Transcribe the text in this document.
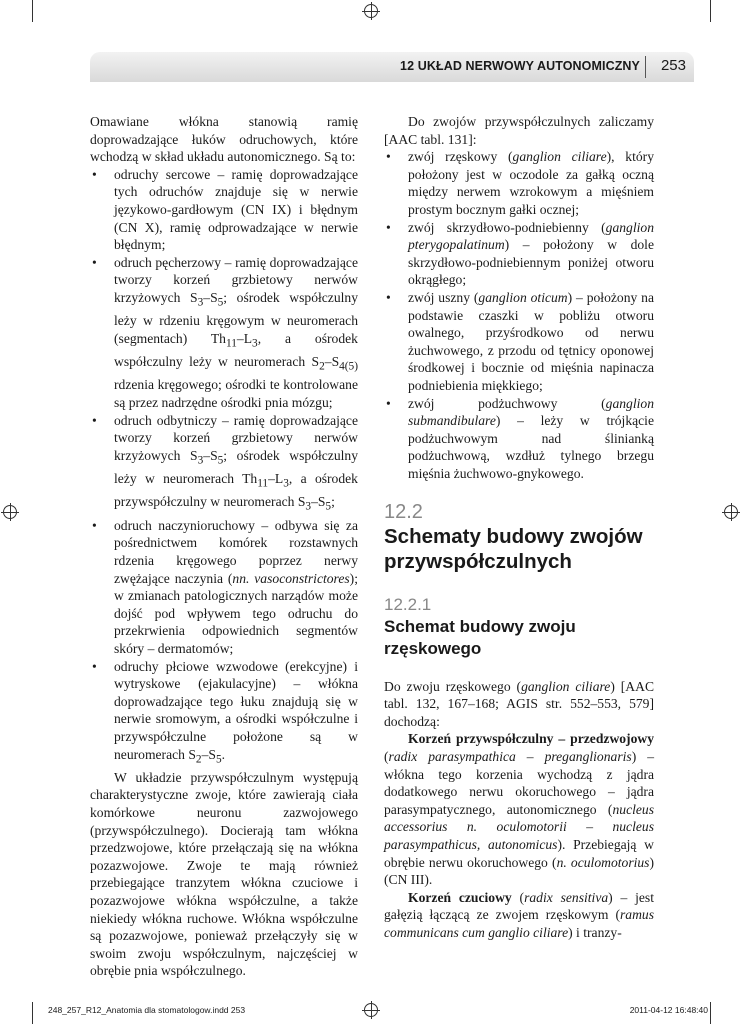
12 UKŁAD NERWOWY AUTONOMICZNY 253

Omawiane włókna stanowią ramię doprowadzające łuków odruchowych, które wchodzą w skład układu autonomicznego. Są to:

• odruchy sercowe – ramię doprowadzające tych odruchów znajduje się w nerwie językowo-gardłowym (CN IX) i błędnym (CN X), ramię odprowadzające w nerwie błędnym;
• odruch pęcherzowy – ramię doprowadzające tworzy korzeń grzbietowy nerwów krzyżowych $S_3-S_5$; ośrodek współczulny leży w rdzeniu kręgowym w neuromerach (segmentach) $Th_{11}-L_3$, a ośrodek współczulny leży w neuromerach $S_2-S_{4(5)}$ rdzenia kręgowego; ośrodki te kontrolowane są przez nadrzędne ośrodki pnia mózgu;
• odruch odbytniczy – ramię doprowadzające tworzy korzeń grzbietowy nerwów krzyżowych $S_3-S_5$; ośrodek współczulny leży w neuromerach $Th_{11}-L_3$, a ośrodek przywspółczulny w neuromerach $S_3-S_5$;
• odruch naczynioruchowy – odbywa się za pośrednictwem komórek rozstawnych rdzenia kręgowego poprzez nerwy zwężające naczynia (nn. vasoconstrictores); w zmianach patologicznych narządów może dojść pod wpływem tego odruchu do przekrwienia odpowiednich segmentów skóry – dermatomów;
• odruchy płciowe wzwodowe (erekcyjne) i wytryskowe (ejakulacyjne) – włókna doprowadzające tego łuku znajdują się w nerwie sromowym, a ośrodki współczulne i przywspółczulne położone są w neuromerach $S_2-S_5$.

W układzie przywspółczulnym występują charakterystyczne zwoje, które zawierają ciała komórkowe neuronu zazwojowego (przywspółczulnego). Docierają tam włókna przedzwojowe, które przełączają się na włókna pozazwojowe. Zwoje te mają również przebiegające tranzytem włókna czuciowe i pozazwojowe włókna współczulne, a także niekiedy włókna ruchowe. Włókna współczulne są pozazwojowe, ponieważ przełączyły się w swoim zwoju współczulnym, najczęściej w obrębie pnia współczulnego.

Do zwojów przywspółczulnych zaliczamy [AAC tabl. 131]:

• zwój rzęskowy (ganglion ciliare), który położony jest w oczodole za gałką oczną między nerwem wzrokowym a mięśniem prostym bocznym gałki ocznej;
• zwój skrzydłowo-podniebienny (ganglion pterygopalatinum) – położony w dole skrzydłowo-podniebiennym poniżej otworu okrągłego;
• zwój uszny (ganglion oticum) – położony na podstawie czaszki w pobliżu otworu owalnego, przyśrodkowo od nerwu żuchwowego, z przodu od tętnicy oponowej środkowej i bocznie od mięśnia napinacza podniebienia miękkiego;
• zwój podżuchwowy (ganglion submandibulare) – leży w trójkącie podżuchwowym nad ślinianką podżuchwową, wzdłuż tylnego brzegu mięśnia żuchwowo-gnykowego.
12.2
Schematy budowy zwojów przywspółczulnych
12.2.1
Schemat budowy zwoju rzęskowego

Do zwoju rzęskowego (ganglion ciliare) [AAC tabl. 132, 167–168; AGIS str. 552–553, 579] dochodzą:

Korzeń przywspółczulny – przedzwojowy (radix parasympathica – preganglionaris) – włókna tego korzenia wychodzą z jądra dodatkowego nerwu okoruchowego – jądra parasympatycznego, autonomicznego (nucleus accessorius n. oculomotorii – nucleus parasympathicus, autonomicus). Przebiegają w obrębie nerwu okoruchowego (n. oculomotorius) (CN III).

Korzeń czuciowy (radix sensitiva) – jest gałęzią łączącą ze zwojem rzęskowym (ramus communicans cum ganglio ciliare) i tranzy-

248_257_R12_Anatomia dla stomatologow.indd 253	2011-04-12 16:48:40
